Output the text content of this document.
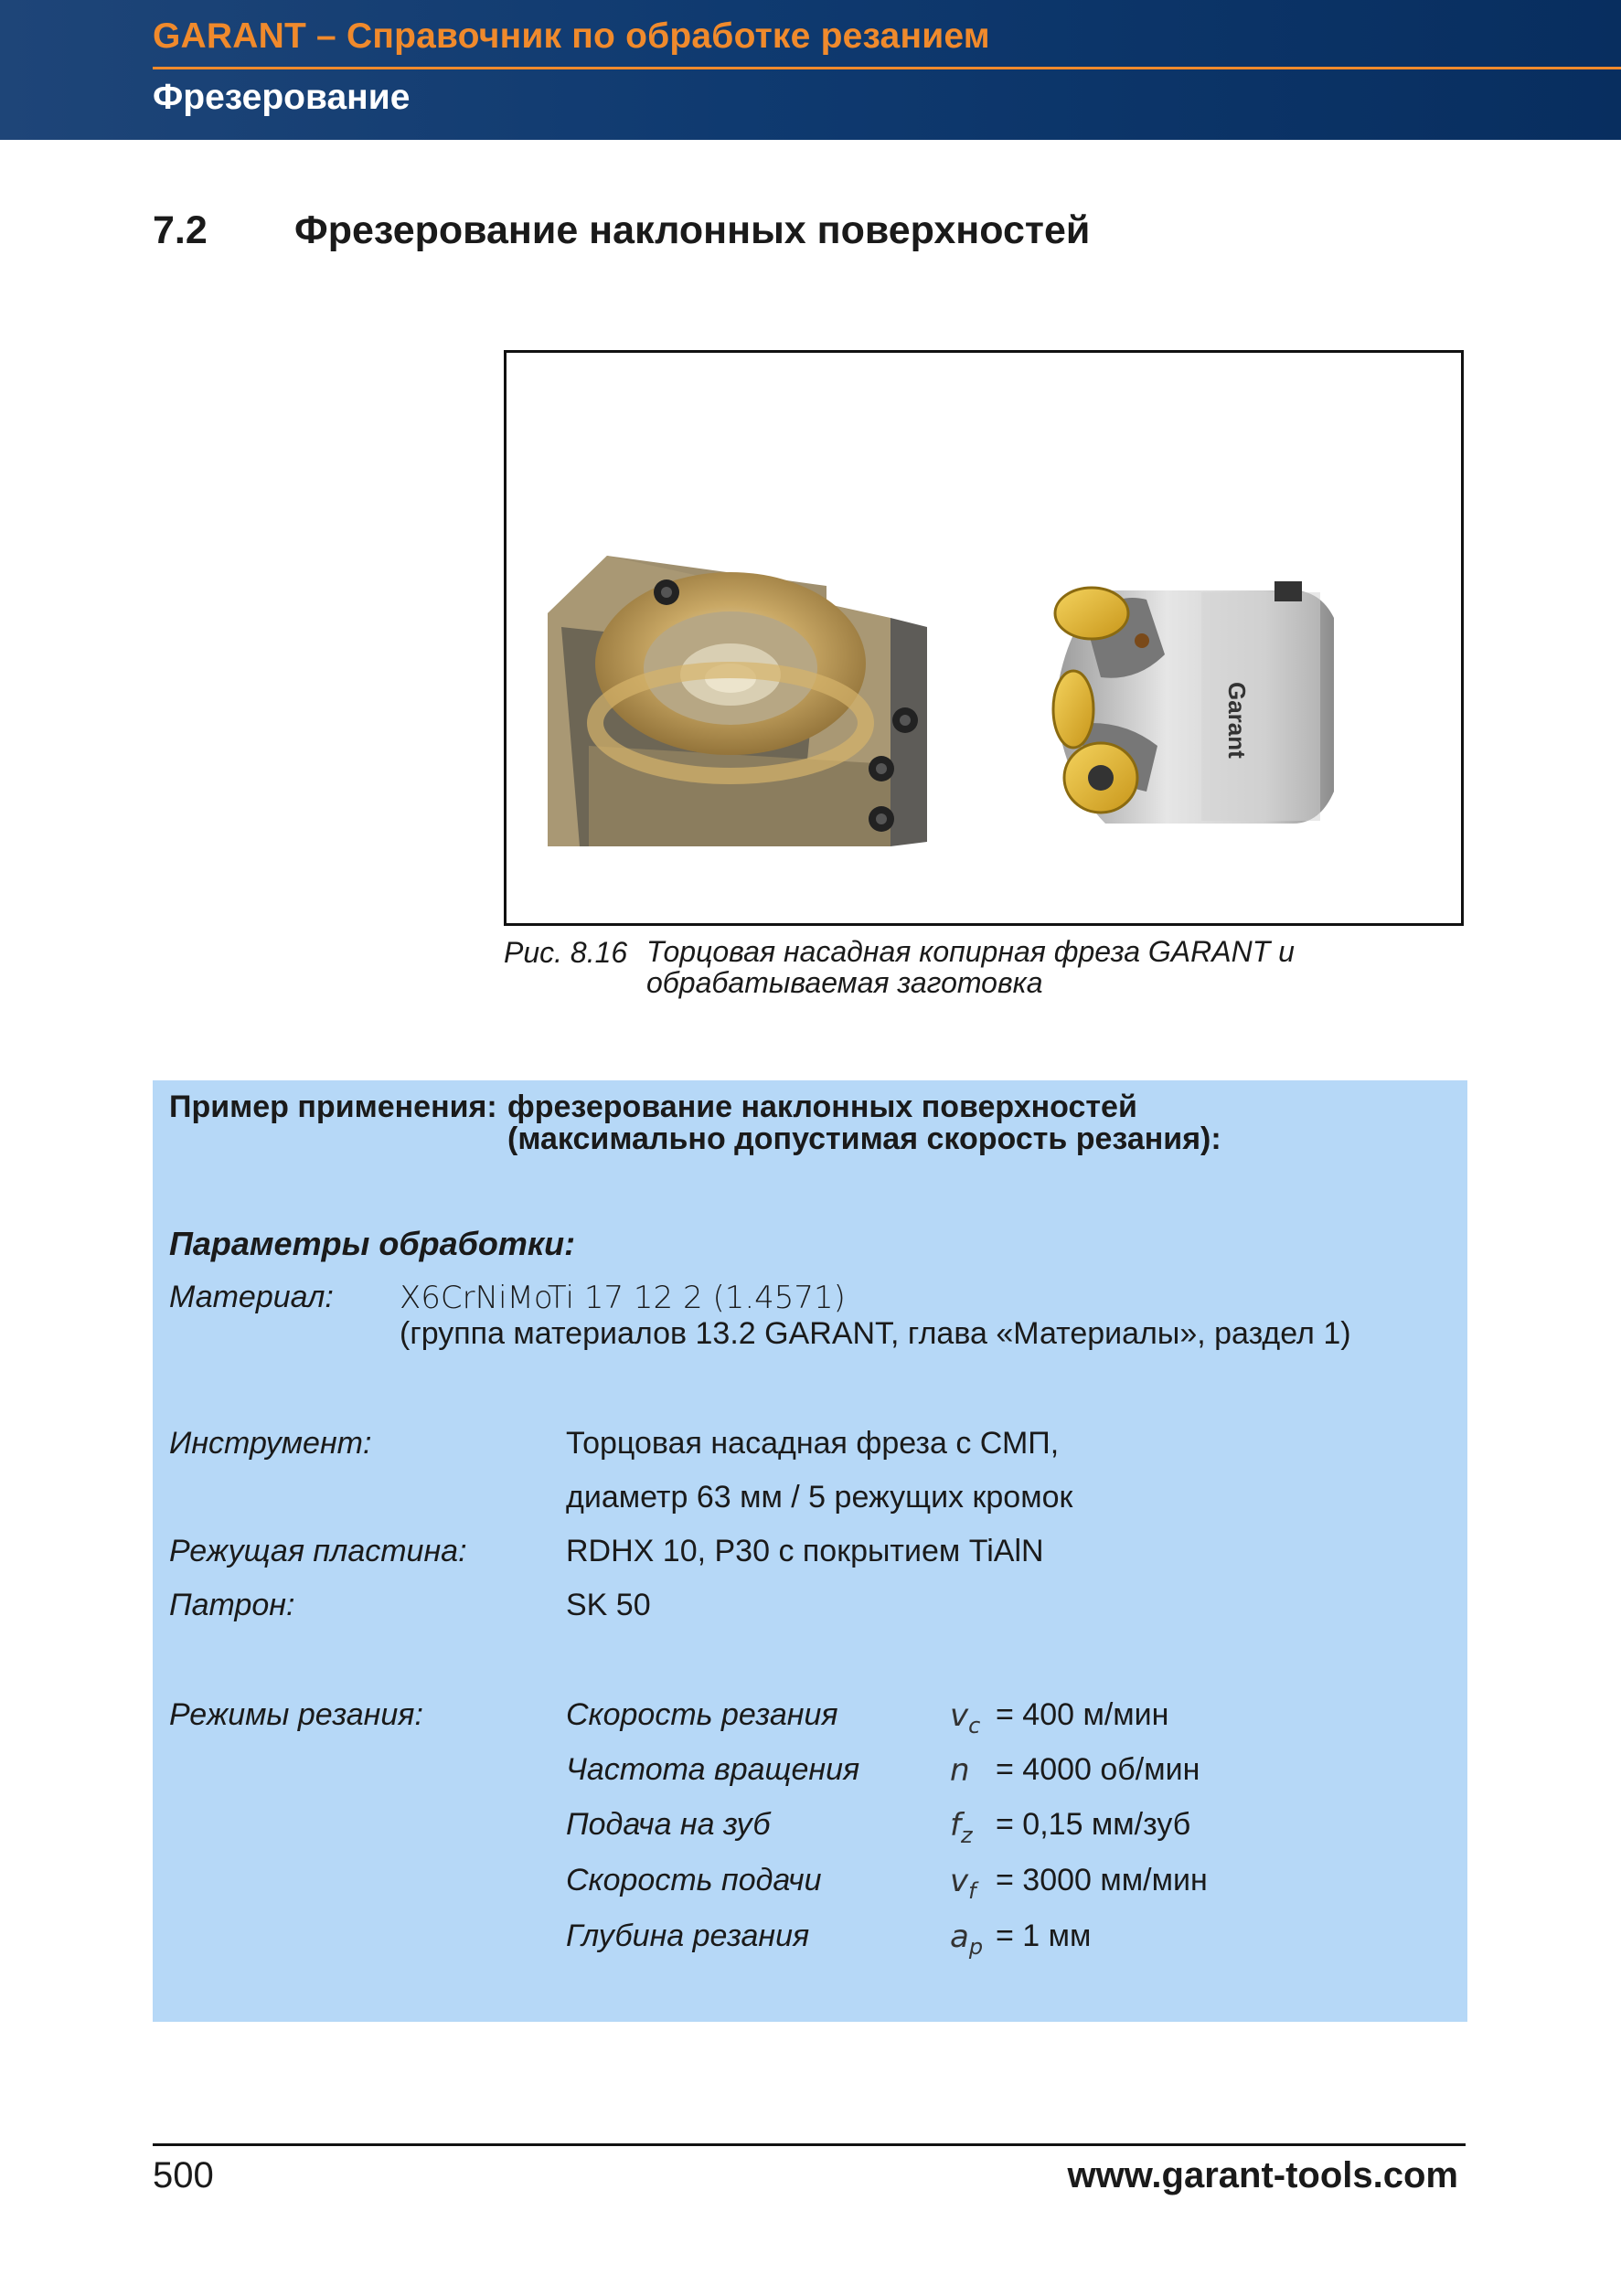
GARANT – Справочник по обработке резанием
Фрезерование
7.2 Фрезерование наклонных поверхностей
Garant
Рис. 8.16 Торцовая насадная копирная фреза GARANT и обрабатываемая заготовка
Пример применения: фрезерование наклонных поверхностей
(максимально допустимая скорость резания):
Параметры обработки:
Материал: X6CrNiMoTi 17 12 2 (1.4571)
(группа материалов 13.2 GARANT, глава «Материалы», раздел 1)
Инструмент:	Торцовая насадная фреза с СМП,
диаметр 63 мм / 5 режущих кромок
Режущая пластина:	RDHX 10, P30 с покрытием TiAlN
Патрон:	SK 50
Режимы резания:	Скорость резания	$v_c = 400$ м/мин
Частота вращения	n = 4000 об/мин
Подача на зуб	$f_z = 0,15$ мм/зуб
Скорость подачи	$v_f = 3000$ мм/мин
Глубина резания	$a_p = 1$ мм
500	www.garant-tools.com
